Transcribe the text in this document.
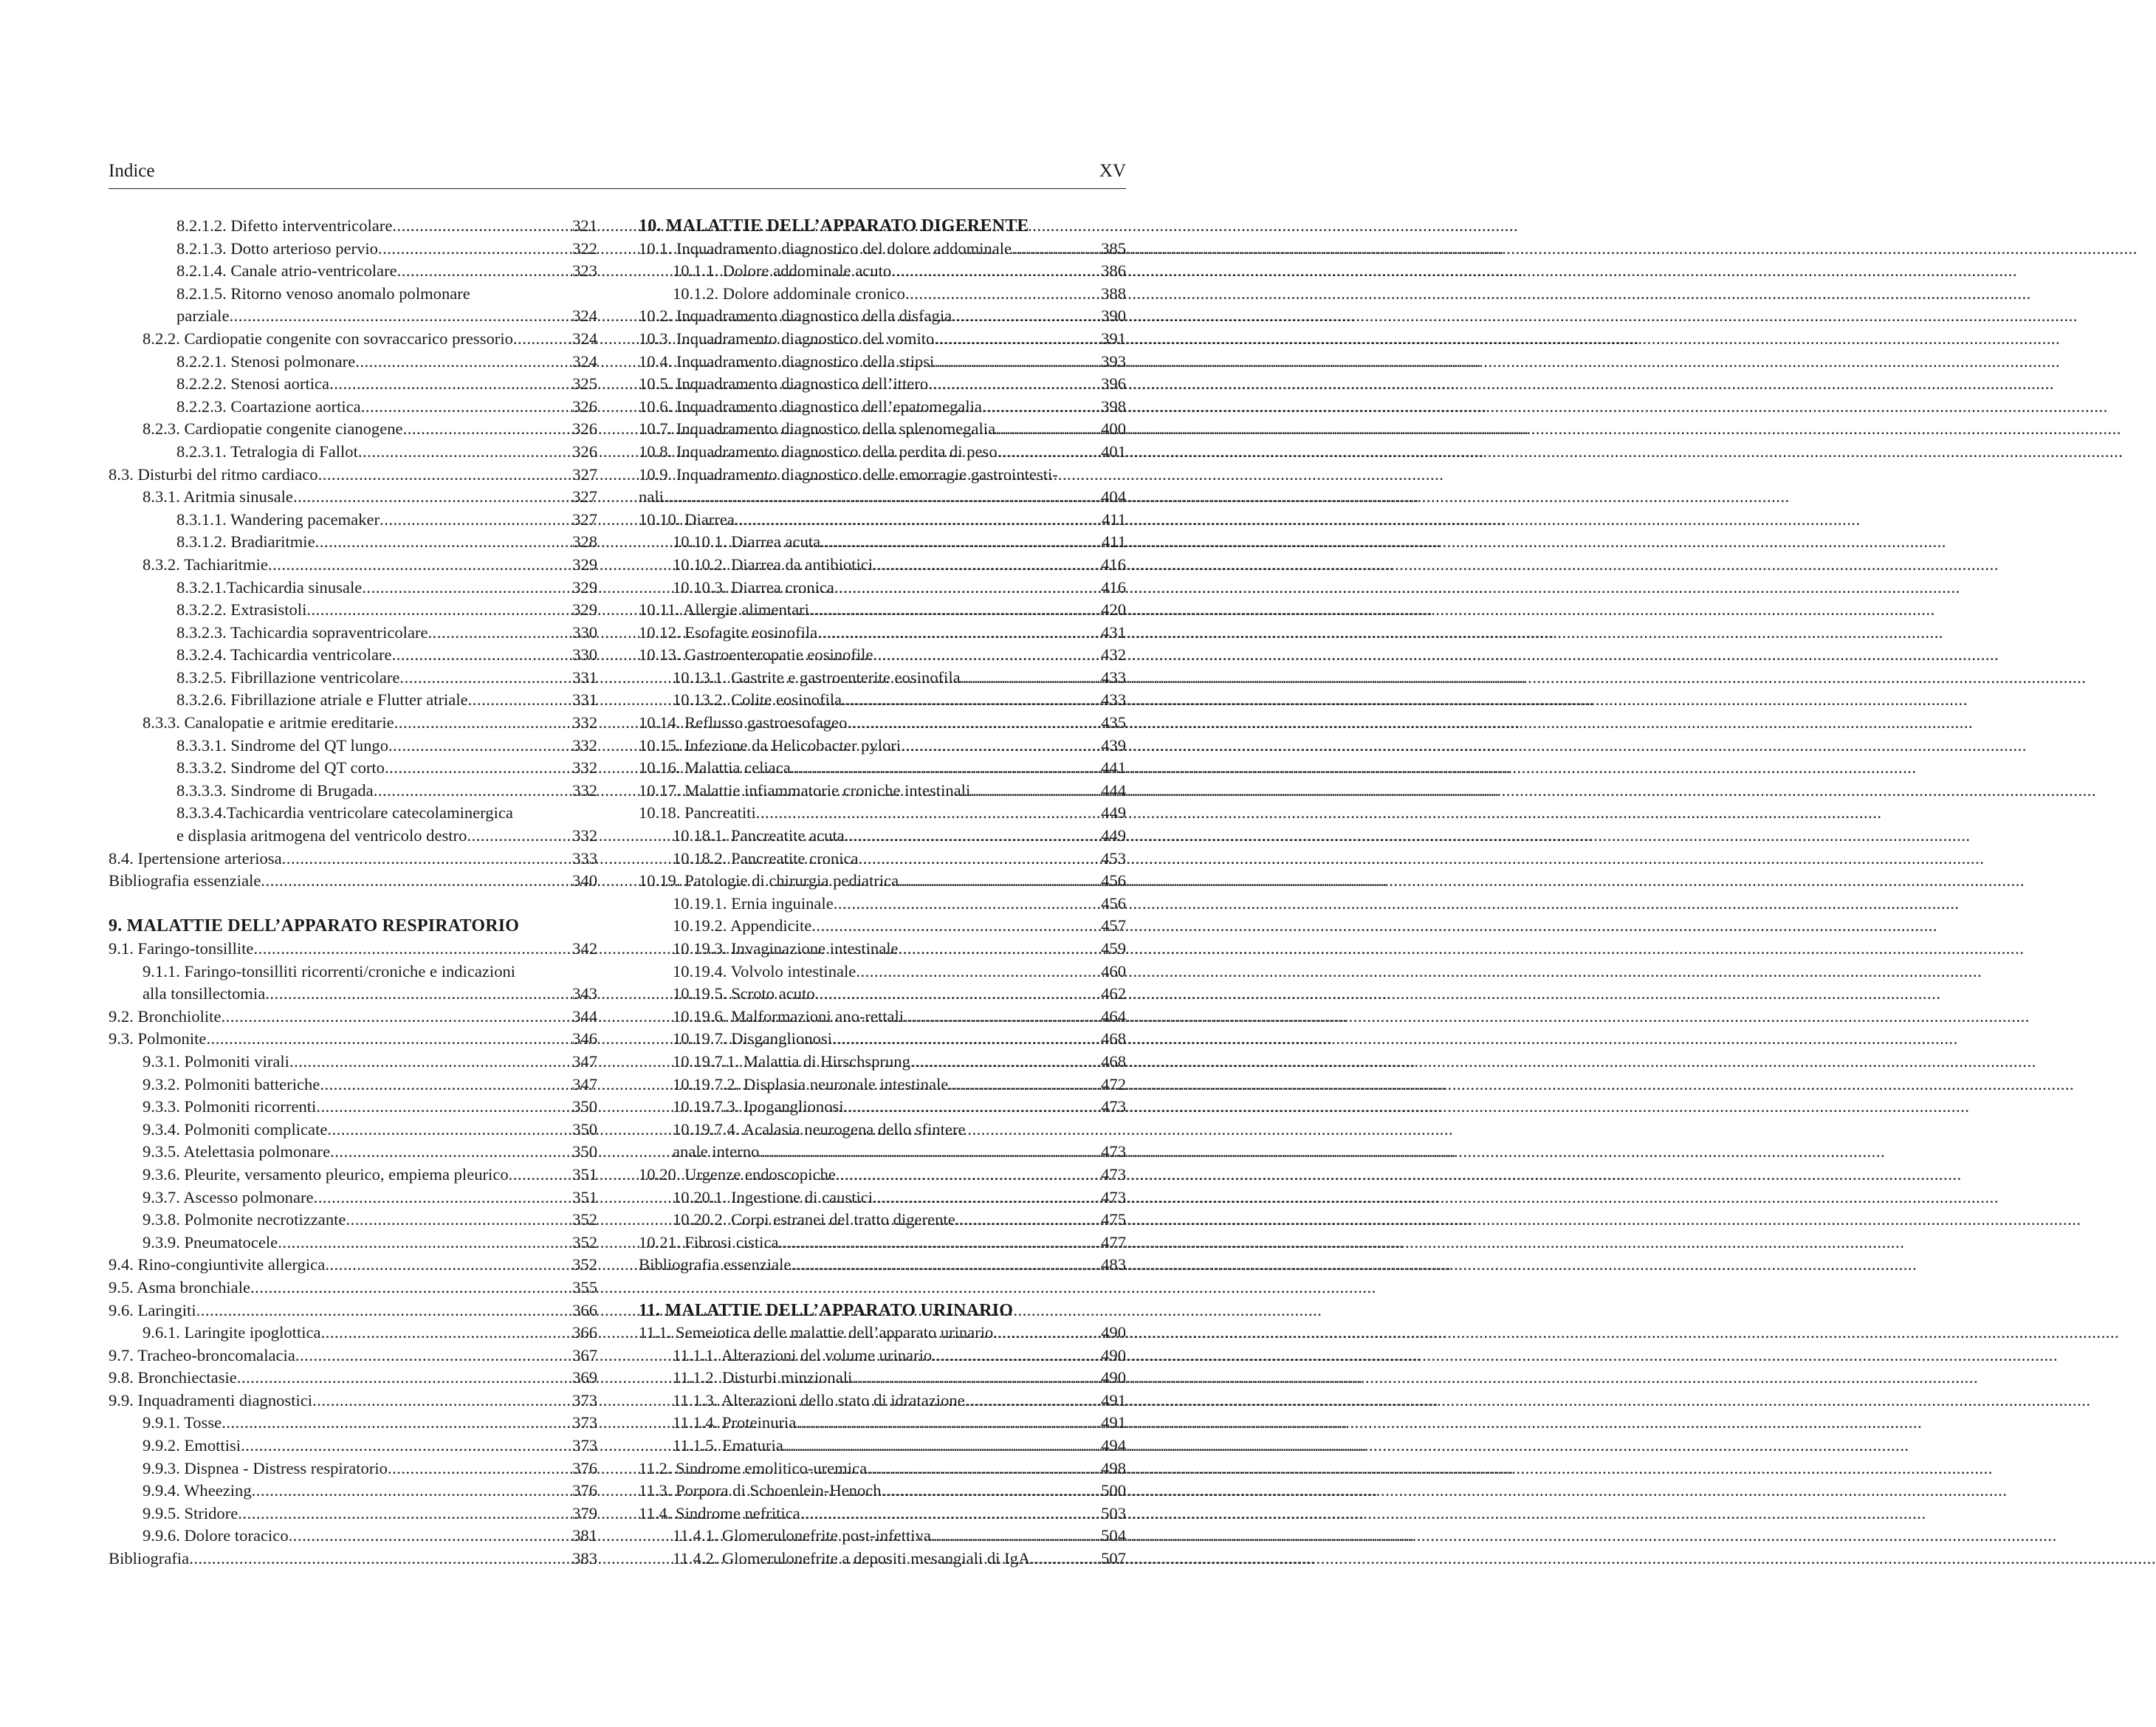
Indice	XV
8.2.1.2. Difetto interventricolare .....	321
8.2.1.3. Dotto arterioso pervio .....	322
8.2.1.4. Canale atrio-ventricolare .....	323
8.2.1.5. Ritorno venoso anomalo polmonare
parziale .....	324
8.2.2. Cardiopatie congenite con sovraccarico pressorio .....	.324
8.2.2.1. Stenosi polmonare .....	324
8.2.2.2. Stenosi aortica .....	325
8.2.2.3. Coartazione aortica .....	326
8.2.3. Cardiopatie congenite cianogene .....	326
8.2.3.1. Tetralogia di Fallot .....	326
8.3. Disturbi del ritmo cardiaco .....	327
8.3.1. Aritmia sinusale .....	327
8.3.1.1. Wandering pacemaker .....	327
8.3.1.2. Bradiaritmie .....	328
8.3.2. Tachiaritmie .....	329
8.3.2.1.Tachicardia sinusale .....	329
8.3.2.2. Extrasistoli .....	329
8.3.2.3. Tachicardia sopraventricolare .....	330
8.3.2.4. Tachicardia ventricolare .....	330
8.3.2.5. Fibrillazione ventricolare .....	331
8.3.2.6. Fibrillazione atriale e Flutter atriale .....	331
8.3.3. Canalopatie e aritmie ereditarie .....	332
8.3.3.1. Sindrome del QT lungo .....	332
8.3.3.2. Sindrome del QT corto .....	332
8.3.3.3. Sindrome di Brugada .....	332
8.3.3.4.Tachicardia ventricolare catecolaminergica
e displasia aritmogena del ventricolo destro .....	332
8.4. Ipertensione arteriosa .....	333
Bibliografia essenziale .....	340
9. MALATTIE DELL’APPARATO RESPIRATORIO
9.1. Faringo-tonsillite .....	342
9.1.1. Faringo-tonsilliti ricorrenti/croniche e indicazioni
alla tonsillectomia .....	343
9.2. Bronchiolite .....	344
9.3. Polmonite .....	346
9.3.1. Polmoniti virali .....	347
9.3.2. Polmoniti batteriche .....	347
9.3.3. Polmoniti ricorrenti .....	350
9.3.4. Polmoniti complicate .....	350
9.3.5. Atelettasia polmonare .....	350
9.3.6. Pleurite, versamento pleurico, empiema pleurico .....	351
9.3.7. Ascesso polmonare .....	351
9.3.8. Polmonite necrotizzante .....	352
9.3.9. Pneumatocele .....	352
9.4. Rino-congiuntivite allergica .....	352
9.5. Asma bronchiale .....	355
9.6. Laringiti .....	366
9.6.1. Laringite ipoglottica .....	366
9.7. Tracheo-broncomalacia .....	367
9.8. Bronchiectasie .....	369
9.9. Inquadramenti diagnostici .....	373
9.9.1. Tosse .....	373
9.9.2. Emottisi .....	373
9.9.3. Dispnea - Distress respiratorio .....	376
9.9.4. Wheezing .....	376
9.9.5. Stridore .....	379
9.9.6. Dolore toracico .....	381
Bibliografia .....	383
10. MALATTIE DELL’APPARATO DIGERENTE
10.1. Inquadramento diagnostico del dolore addominale .....	385
10.1.1. Dolore addominale acuto .....	386
10.1.2. Dolore addominale cronico .....	388
10.2. Inquadramento diagnostico della disfagia .....	390
10.3. Inquadramento diagnostico del vomito .....	391
10.4. Inquadramento diagnostico della stipsi .....	393
10.5. Inquadramento diagnostico dell’ittero .....	396
10.6. Inquadramento diagnostico dell’epatomegalia .....	398
10.7. Inquadramento diagnostico della splenomegalia .....	400
10.8. Inquadramento diagnostico della perdita di peso .....	401
10.9. Inquadramento diagnostico delle emorragie gastrointesti-
nali .....	404
10.10. Diarrea .....	411
10.10.1. Diarrea acuta .....	411
10.10.2. Diarrea da antibiotici .....	416
10.10.3. Diarrea cronica .....	416
10.11. Allergie alimentari .....	420
10.12. Esofagite eosinofila .....	431
10.13. Gastroenteropatie eosinofile .....	432
10.13.1. Gastrite e gastroenterite eosinofila .....	433
10.13.2. Colite eosinofila .....	433
10.14. Reflusso gastroesofageo .....	435
10.15. Infezione da Helicobacter pylori .....	439
10.16. Malattia celiaca .....	441
10.17. Malattie infiammatorie croniche intestinali .....	444
10.18. Pancreatiti .....	449
10.18.1. Pancreatite acuta .....	449
10.18.2. Pancreatite cronica .....	453
10.19. Patologie di chirurgia pediatrica .....	456
10.19.1. Ernia inguinale .....	456
10.19.2. Appendicite .....	457
10.19.3. Invaginazione intestinale .....	459
10.19.4. Volvolo intestinale .....	460
10.19.5. Scroto acuto .....	462
10.19.6. Malformazioni ano-rettali .....	464
10.19.7. Disganglionosi .....	468
10.19.7.1. Malattia di Hirschsprung .....	468
10.19.7.2. Displasia neuronale intestinale .....	472
10.19.7.3. Ipoganglionosi .....	473
10.19.7.4. Acalasia neurogena dello sfintere
anale interno .....	473
10.20. Urgenze endoscopiche .....	473
10.20.1. Ingestione di caustici .....	473
10.20.2. Corpi estranei del tratto digerente .....	475
10.21. Fibrosi cistica .....	477
Bibliografia essenziale .....	483
11. MALATTIE DELL’APPARATO URINARIO
11.1. Semeiotica delle malattie dell’apparato urinario .....	490
11.1.1. Alterazioni del volume urinario .....	490
11.1.2. Disturbi minzionali .....	490
11.1.3. Alterazioni dello stato di idratazione .....	491
11.1.4. Proteinuria .....	491
11.1.5. Ematuria .....	494
11.2. Sindrome emolitico-uremica .....	498
11.3. Porpora di Schoenlein-Henoch .....	500
11.4. Sindrome nefritica .....	503
11.4.1. Glomerulonefrite post-infettiva .....	504
11.4.2. Glomerulonefrite a depositi mesangiali di IgA .....	.507
